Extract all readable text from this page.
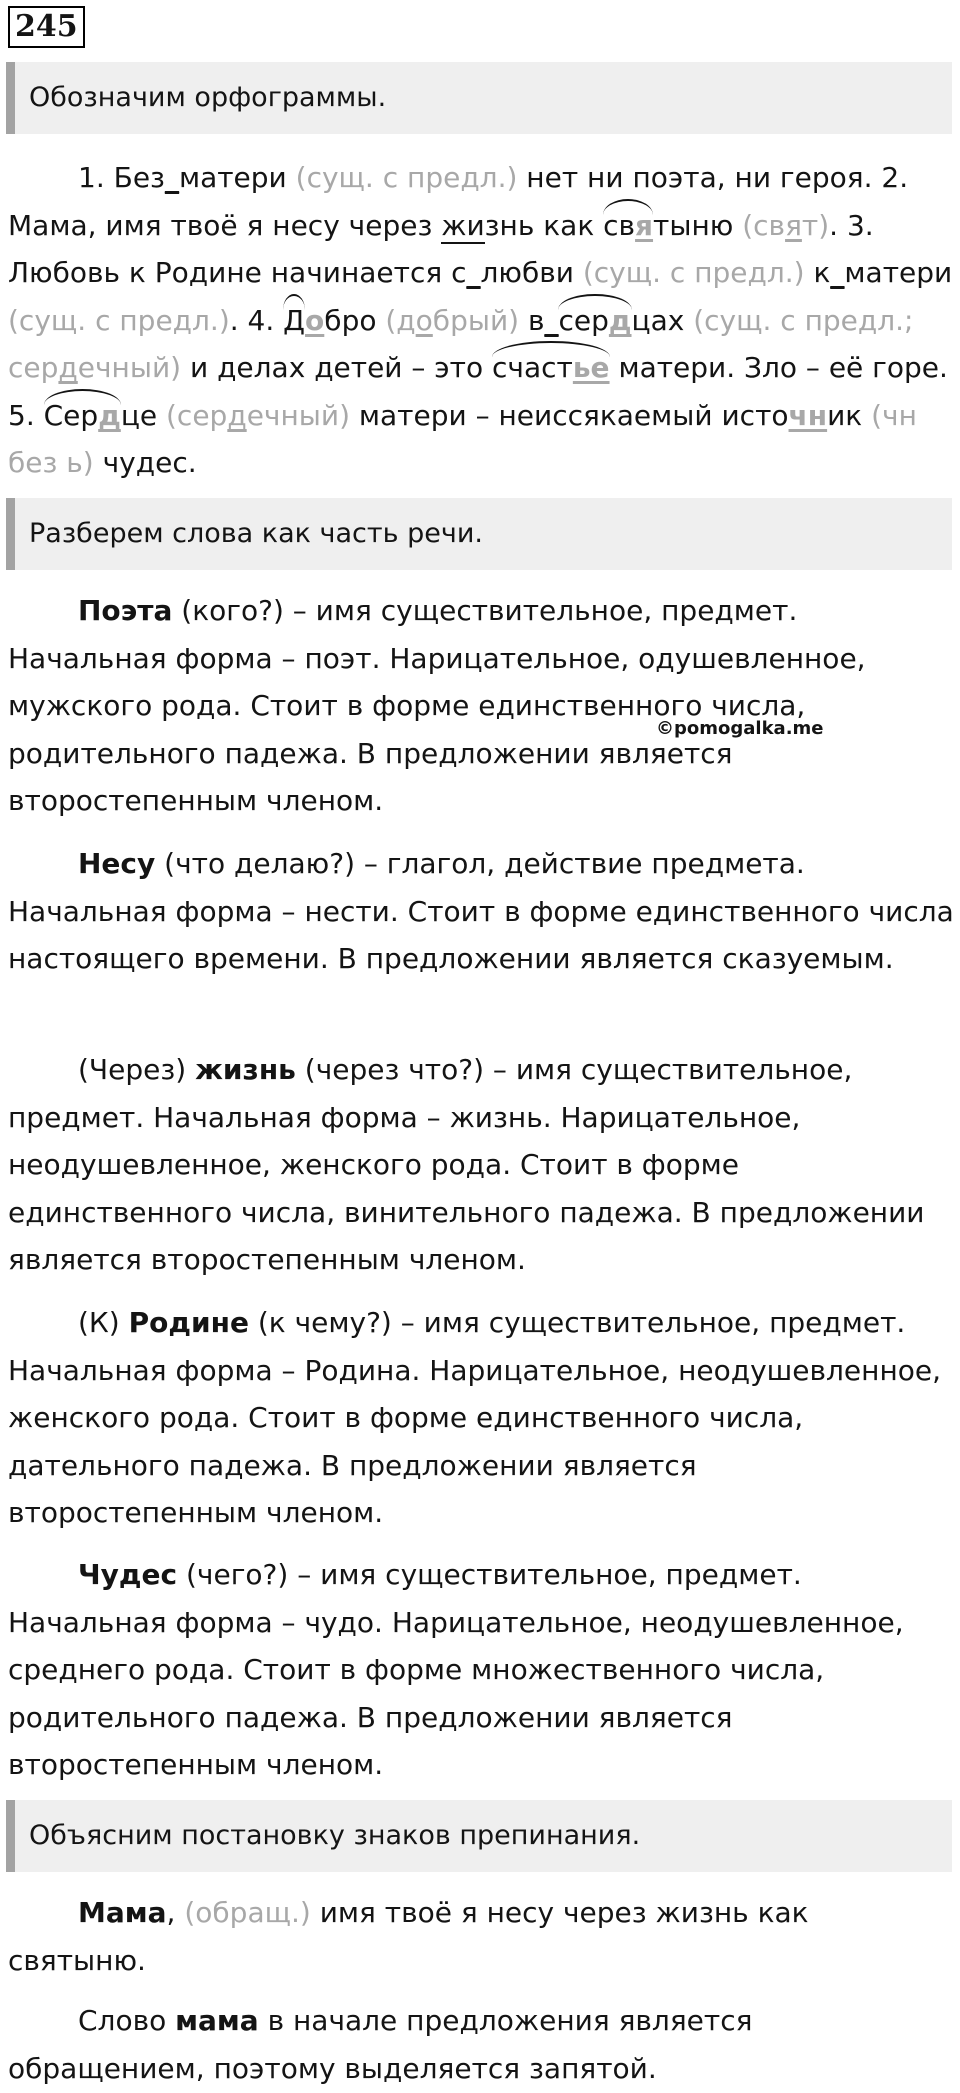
245
Обозначим орфограммы.
1. Без_матери (сущ. с предл.) нет ни поэта, ни героя. 2. Мама, имя твоё я несу через жизнь как святыню (свят). 3. Любовь к Родине начинается с_любви (сущ. с предл.) к_матери (сущ. с предл.). 4. Добро (добрый) в_сердцах (сущ. с предл.; сердечный) и делах детей – это счастье матери. Зло – её горе. 5. Сердце (сердечный) матери – неиссякаемый источник (чн без ь) чудес.
Разберем слова как часть речи.
Поэта (кого?) – имя существительное, предмет. Начальная форма – поэт. Нарицательное, одушевленное, мужского рода. Стоит в форме единственного числа, родительного падежа. В предложении является второстепенным членом.
©pomogalka.me
Несу (что делаю?) – глагол, действие предмета. Начальная форма – нести. Стоит в форме единственного числа настоящего времени. В предложении является сказуемым.
(Через) жизнь (через что?) – имя существительное, предмет. Начальная форма – жизнь. Нарицательное, неодушевленное, женского рода. Стоит в форме единственного числа, винительного падежа. В предложении является второстепенным членом.
(К) Родине (к чему?) – имя существительное, предмет. Начальная форма – Родина. Нарицательное, неодушевленное, женского рода. Стоит в форме единственного числа, дательного падежа. В предложении является второстепенным членом.
Чудес (чего?) – имя существительное, предмет. Начальная форма – чудо. Нарицательное, неодушевленное, среднего рода. Стоит в форме множественного числа, родительного падежа. В предложении является второстепенным членом.
Объясним постановку знаков препинания.
Мама, (обращ.) имя твоё я несу через жизнь как святыню.
Слово мама в начале предложения является обращением, поэтому выделяется запятой.
